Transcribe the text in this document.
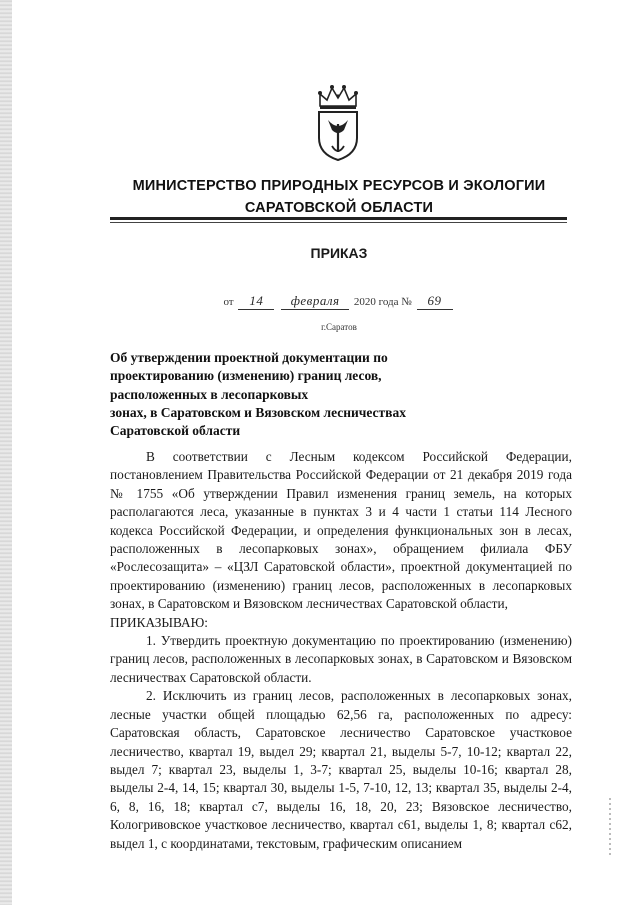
МИНИСТЕРСТВО ПРИРОДНЫХ РЕСУРСОВ И ЭКОЛОГИИ
САРАТОВСКОЙ ОБЛАСТИ
ПРИКАЗ
от 14 февраля 2020 года № 69
г.Саратов
Об утверждении проектной документации по
проектированию (изменению) границ лесов,
расположенных в лесопарковых
зонах, в Саратовском и Вязовском лесничествах
Саратовской области

В соответствии с Лесным кодексом Российской Федерации, постановлением Правительства Российской Федерации от 21 декабря 2019 года № 1755 «Об утверждении Правил изменения границ земель, на которых располагаются леса, указанные в пунктах 3 и 4 части 1 статьи 114 Лесного кодекса Российской Федерации, и определения функциональных зон в лесах, расположенных в лесопарковых зонах», обращением филиала ФБУ «Рослесозащита» – «ЦЗЛ Саратовской области», проектной документацией по проектированию (изменению) границ лесов, расположенных в лесопарковых зонах, в Саратовском и Вязовском лесничествах Саратовской области,

ПРИКАЗЫВАЮ:

1. Утвердить проектную документацию по проектированию (изменению) границ лесов, расположенных в лесопарковых зонах, в Саратовском и Вязовском лесничествах Саратовской области.

2. Исключить из границ лесов, расположенных в лесопарковых зонах, лесные участки общей площадью 62,56 га, расположенных по адресу: Саратовская область, Саратовское лесничество Саратовское участковое лесничество, квартал 19, выдел 29; квартал 21, выделы 5-7, 10-12; квартал 22, выдел 7; квартал 23, выделы 1, 3-7; квартал 25, выделы 10-16; квартал 28, выделы 2-4, 14, 15; квартал 30, выделы 1-5, 7-10, 12, 13; квартал 35, выделы 2-4, 6, 8, 16, 18; квартал с7, выделы 16, 18, 20, 23; Вязовское лесничество, Кологривовское участковое лесничество, квартал с61, выделы 1, 8; квартал с62, выдел 1, с координатами, текстовым, графическим описанием
